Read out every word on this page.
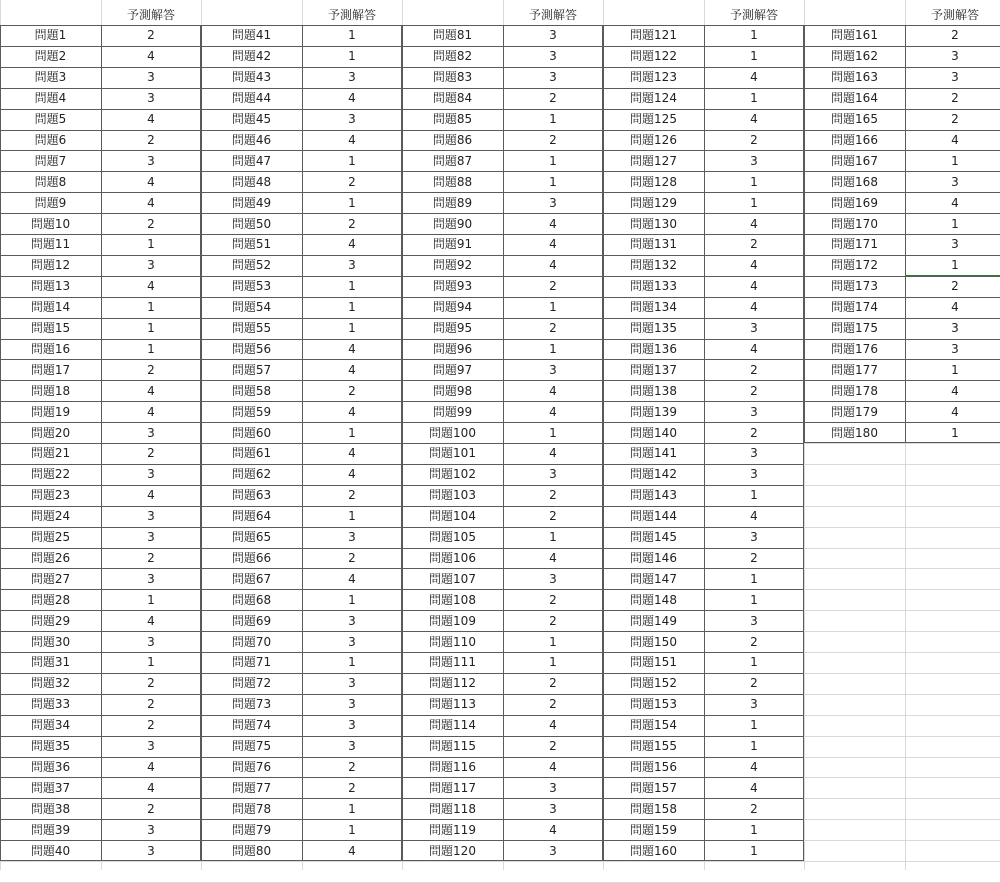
予測解答
問題1	2
問題2	4
問題3	3
問題4	3
問題5	4
問題6	2
問題7	3
問題8	4
問題9	4
問題10	2
問題11	1
問題12	3
問題13	4
問題14	1
問題15	1
問題16	1
問題17	2
問題18	4
問題19	4
問題20	3
問題21	2
問題22	3
問題23	4
問題24	3
問題25	3
問題26	2
問題27	3
問題28	1
問題29	4
問題30	3
問題31	1
問題32	2
問題33	2
問題34	2
問題35	3
問題36	4
問題37	4
問題38	2
問題39	3
問題40	3
予測解答
問題41	1
問題42	1
問題43	3
問題44	4
問題45	3
問題46	4
問題47	1
問題48	2
問題49	1
問題50	2
問題51	4
問題52	3
問題53	1
問題54	1
問題55	1
問題56	4
問題57	4
問題58	2
問題59	4
問題60	1
問題61	4
問題62	4
問題63	2
問題64	1
問題65	3
問題66	2
問題67	4
問題68	1
問題69	3
問題70	3
問題71	1
問題72	3
問題73	3
問題74	3
問題75	3
問題76	2
問題77	2
問題78	1
問題79	1
問題80	4
予測解答
問題81	3
問題82	3
問題83	3
問題84	2
問題85	1
問題86	2
問題87	1
問題88	1
問題89	3
問題90	4
問題91	4
問題92	4
問題93	2
問題94	1
問題95	2
問題96	1
問題97	3
問題98	4
問題99	4
問題100	1
問題101	4
問題102	3
問題103	2
問題104	2
問題105	1
問題106	4
問題107	3
問題108	2
問題109	2
問題110	1
問題111	1
問題112	2
問題113	2
問題114	4
問題115	2
問題116	4
問題117	3
問題118	3
問題119	4
問題120	3
予測解答
問題121	1
問題122	1
問題123	4
問題124	1
問題125	4
問題126	2
問題127	3
問題128	1
問題129	1
問題130	4
問題131	2
問題132	4
問題133	4
問題134	4
問題135	3
問題136	4
問題137	2
問題138	2
問題139	3
問題140	2
問題141	3
問題142	3
問題143	1
問題144	4
問題145	3
問題146	2
問題147	1
問題148	1
問題149	3
問題150	2
問題151	1
問題152	2
問題153	3
問題154	1
問題155	1
問題156	4
問題157	4
問題158	2
問題159	1
問題160	1
予測解答
問題161	2
問題162	3
問題163	3
問題164	2
問題165	2
問題166	4
問題167	1
問題168	3
問題169	4
問題170	1
問題171	3
問題172	1
問題173	2
問題174	4
問題175	3
問題176	3
問題177	1
問題178	4
問題179	4
問題180	1
